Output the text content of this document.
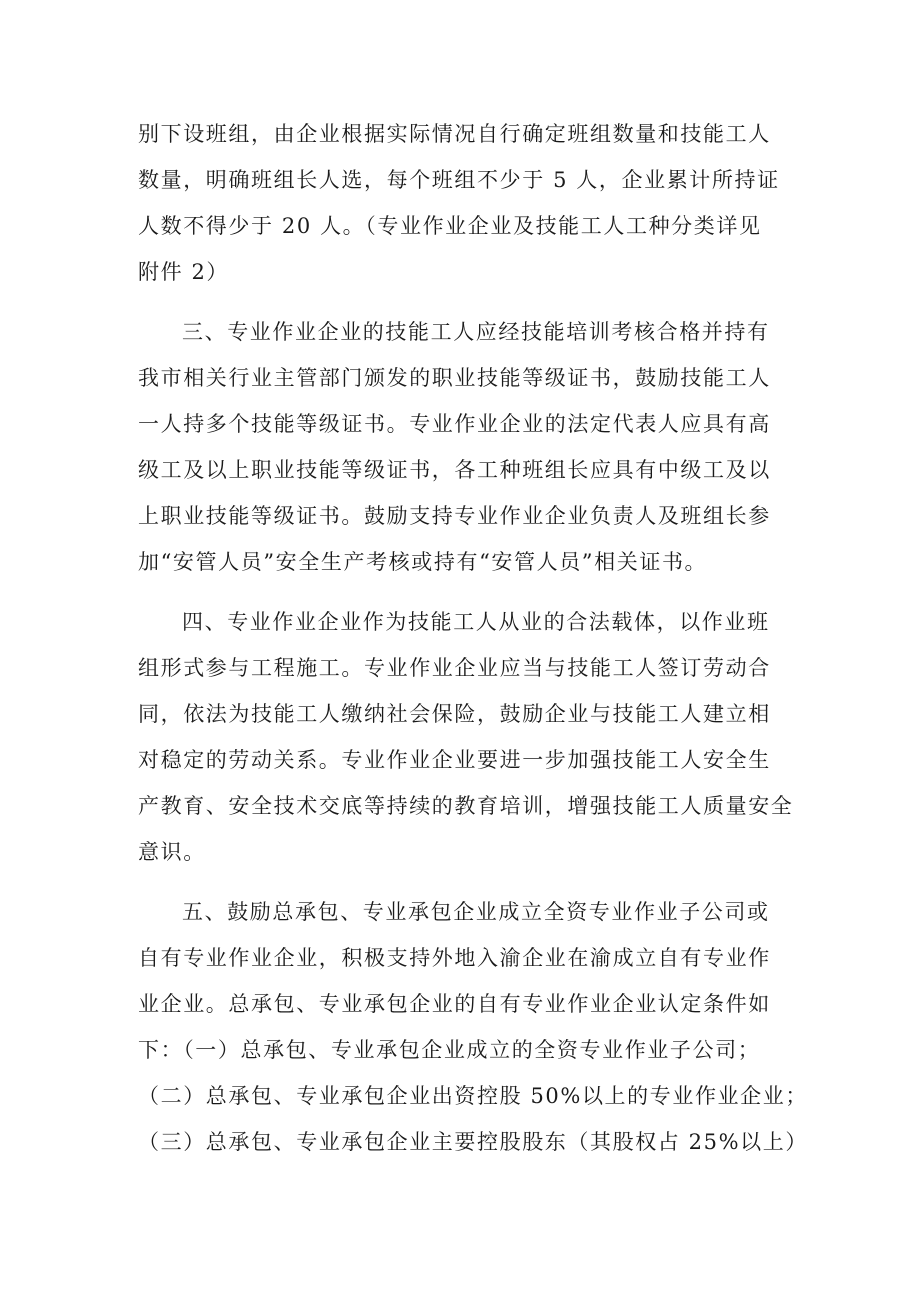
别下设班组，由企业根据实际情况自行确定班组数量和技能工人
数量，明确班组长人选，每个班组不少于 5 人，企业累计所持证
人数不得少于 20 人。（专业作业企业及技能工人工种分类详见
附件 2）

三、专业作业企业的技能工人应经技能培训考核合格并持有
我市相关行业主管部门颁发的职业技能等级证书，鼓励技能工人
一人持多个技能等级证书。专业作业企业的法定代表人应具有高
级工及以上职业技能等级证书，各工种班组长应具有中级工及以
上职业技能等级证书。鼓励支持专业作业企业负责人及班组长参
加“安管人员”安全生产考核或持有“安管人员”相关证书。

四、专业作业企业作为技能工人从业的合法载体，以作业班
组形式参与工程施工。专业作业企业应当与技能工人签订劳动合
同，依法为技能工人缴纳社会保险，鼓励企业与技能工人建立相
对稳定的劳动关系。专业作业企业要进一步加强技能工人安全生
产教育、安全技术交底等持续的教育培训，增强技能工人质量安全
意识。

五、鼓励总承包、专业承包企业成立全资专业作业子公司或
自有专业作业企业，积极支持外地入渝企业在渝成立自有专业作
业企业。总承包、专业承包企业的自有专业作业企业认定条件如
下：（一）总承包、专业承包企业成立的全资专业作业子公司；
（二）总承包、专业承包企业出资控股 50%以上的专业作业企业；
（三）总承包、专业承包企业主要控股股东（其股权占 25%以上）
